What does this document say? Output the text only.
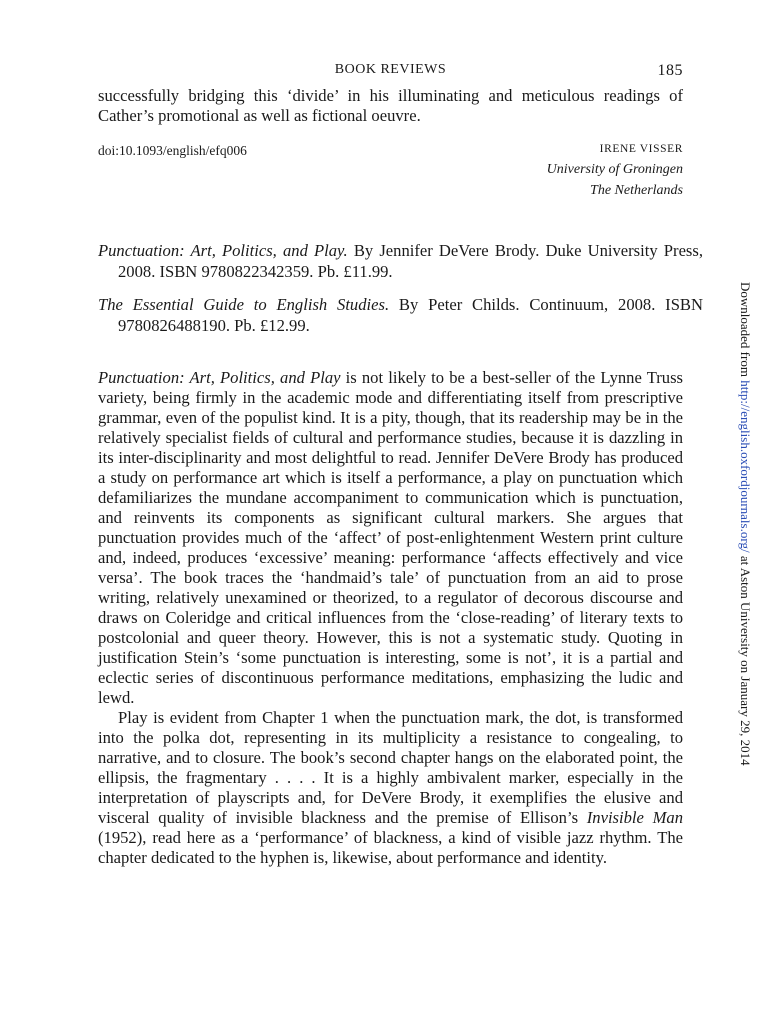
BOOK REVIEWS	185
successfully bridging this ‘divide’ in his illuminating and meticulous readings of Cather’s promotional as well as fictional oeuvre.
doi:10.1093/english/efq006	IRENE VISSER
University of Groningen
The Netherlands
Punctuation: Art, Politics, and Play. By Jennifer DeVere Brody. Duke University Press, 2008. ISBN 9780822342359. Pb. £11.99.
The Essential Guide to English Studies. By Peter Childs. Continuum, 2008. ISBN 9780826488190. Pb. £12.99.

Punctuation: Art, Politics, and Play is not likely to be a best-seller of the Lynne Truss variety, being firmly in the academic mode and differentiating itself from prescriptive grammar, even of the populist kind. It is a pity, though, that its readership may be in the relatively specialist fields of cultural and performance studies, because it is dazzling in its inter-disciplinarity and most delightful to read. Jennifer DeVere Brody has produced a study on performance art which is itself a performance, a play on punctuation which defamiliarizes the mundane accompaniment to communication which is punctuation, and reinvents its components as significant cultural markers. She argues that punctuation provides much of the ‘affect’ of post-enlightenment Western print culture and, indeed, produces ‘excessive’ meaning: performance ‘affects effectively and vice versa’. The book traces the ‘handmaid’s tale’ of punctuation from an aid to prose writing, relatively unexamined or theorized, to a regulator of decorous discourse and draws on Coleridge and critical influences from the ‘close-reading’ of literary texts to postcolonial and queer theory. However, this is not a systematic study. Quoting in justification Stein’s ‘some punctuation is interesting, some is not’, it is a partial and eclectic series of discontinuous performance meditations, emphasizing the ludic and lewd.

Play is evident from Chapter 1 when the punctuation mark, the dot, is transformed into the polka dot, representing in its multiplicity a resistance to congealing, to narrative, and to closure. The book’s second chapter hangs on the elaborated point, the ellipsis, the fragmentary . . . . It is a highly ambivalent marker, especially in the interpretation of playscripts and, for DeVere Brody, it exemplifies the elusive and visceral quality of invisible blackness and the premise of Ellison’s Invisible Man (1952), read here as a ‘performance’ of blackness, a kind of visible jazz rhythm. The chapter dedicated to the hyphen is, likewise, about performance and identity.

Downloaded from http://english.oxfordjournals.org/ at Aston University on January 29, 2014
